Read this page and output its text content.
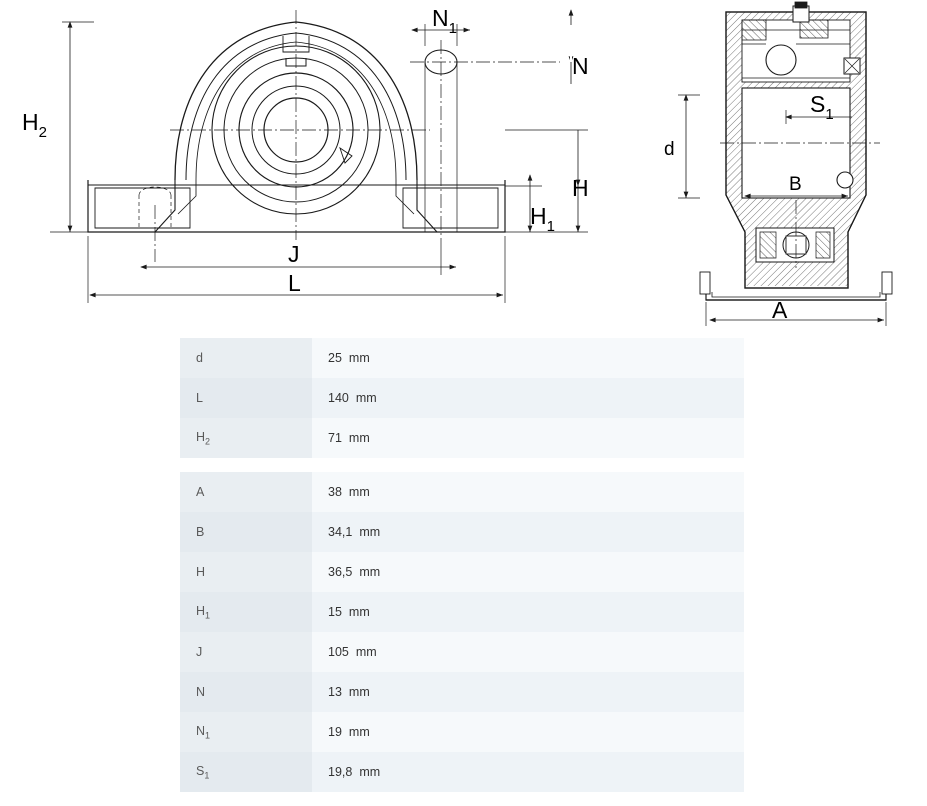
$H_2$
$N_1$
N
H
$H_1$
J
L
$S_1$
d
B
A
d	25 mm
L	140 mm
$H_2$	71 mm
A	38 mm
B	34,1 mm
H	36,5 mm
$H_1$	15 mm
J	105 mm
N	13 mm
$N_1$	19 mm
$S_1$	19,8 mm
